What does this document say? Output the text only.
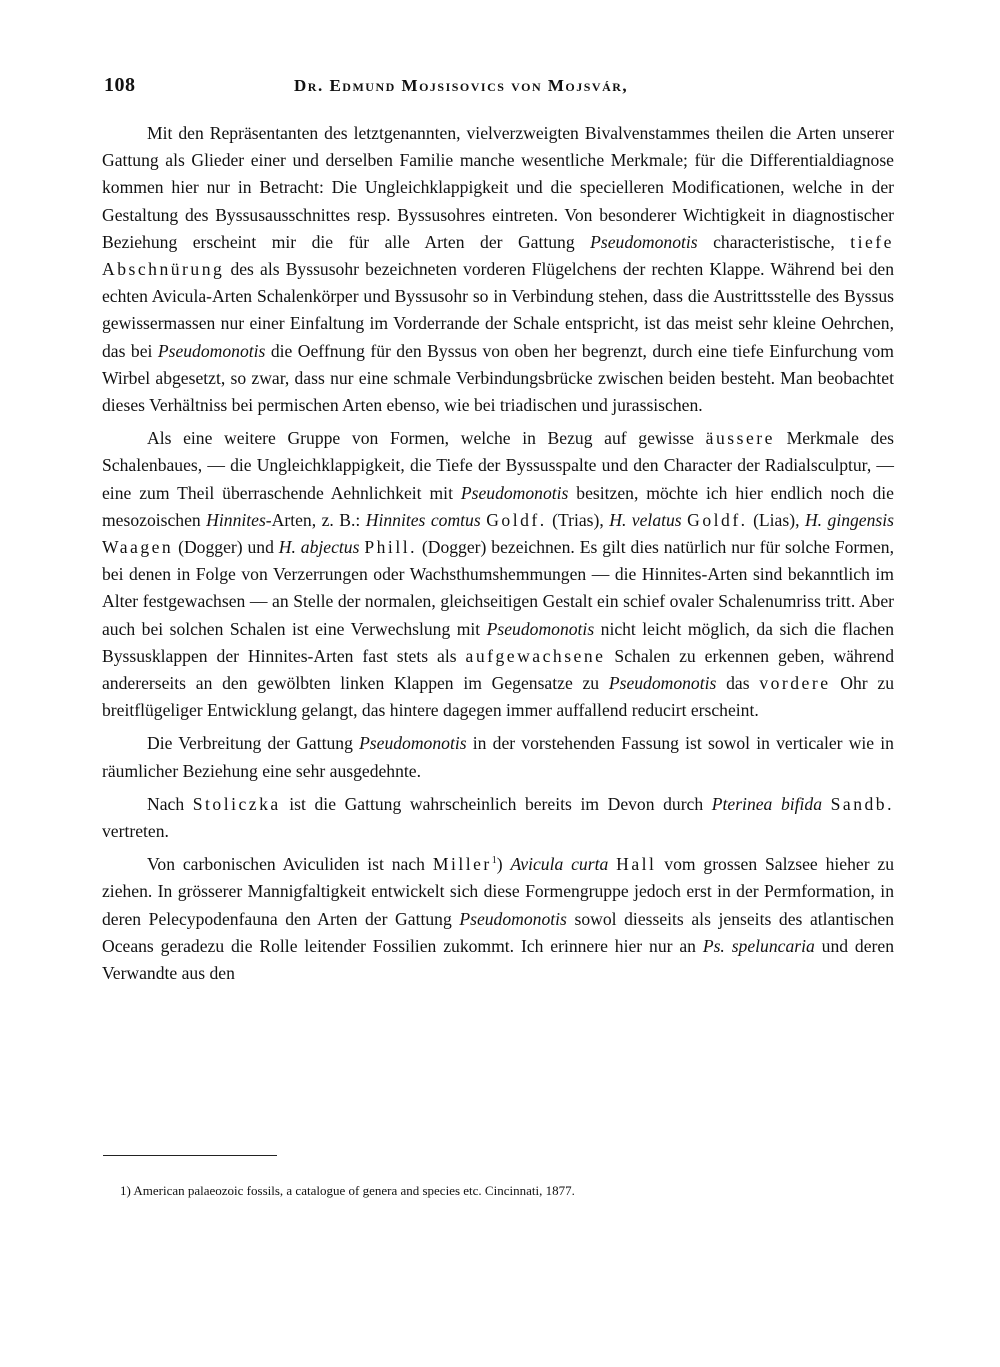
108	Dr. Edmund Mojsisovics von Mojsvár,

Mit den Repräsentanten des letztgenannten, vielverzweigten Bivalvenstammes theilen die Arten unserer Gattung als Glieder einer und derselben Familie manche wesentliche Merkmale; für die Differentialdiagnose kommen hier nur in Betracht: Die Ungleichklappigkeit und die specielleren Modificationen, welche in der Gestaltung des Byssusausschnittes resp. Byssusohres eintreten. Von besonderer Wichtigkeit in diagnostischer Beziehung erscheint mir die für alle Arten der Gattung Pseudomonotis characteristische, tiefe Abschnürung des als Byssusohr bezeichneten vorderen Flügelchens der rechten Klappe. Während bei den echten Avicula-Arten Schalenkörper und Byssusohr so in Verbindung stehen, dass die Austrittsstelle des Byssus gewissermassen nur einer Einfaltung im Vorderrande der Schale entspricht, ist das meist sehr kleine Oehrchen, das bei Pseudomonotis die Oeffnung für den Byssus von oben her begrenzt, durch eine tiefe Einfurchung vom Wirbel abgesetzt, so zwar, dass nur eine schmale Verbindungsbrücke zwischen beiden besteht. Man beobachtet dieses Verhältniss bei permischen Arten ebenso, wie bei triadischen und jurassischen.

Als eine weitere Gruppe von Formen, welche in Bezug auf gewisse äussere Merkmale des Schalenbaues, — die Ungleichklappigkeit, die Tiefe der Byssusspalte und den Character der Radialsculptur, — eine zum Theil überraschende Aehnlichkeit mit Pseudomonotis besitzen, möchte ich hier endlich noch die mesozoischen Hinnites-Arten, z. B.: Hinnites comtus Goldf. (Trias), H. velatus Goldf. (Lias), H. gingensis Waagen (Dogger) und H. abjectus Phill. (Dogger) bezeichnen. Es gilt dies natürlich nur für solche Formen, bei denen in Folge von Verzerrungen oder Wachsthumshemmungen — die Hinnites-Arten sind bekanntlich im Alter festgewachsen — an Stelle der normalen, gleichseitigen Gestalt ein schief ovaler Schalenumriss tritt. Aber auch bei solchen Schalen ist eine Verwechslung mit Pseudomonotis nicht leicht möglich, da sich die flachen Byssusklappen der Hinnites-Arten fast stets als aufgewachsene Schalen zu erkennen geben, während andererseits an den gewölbten linken Klappen im Gegensatze zu Pseudomonotis das vordere Ohr zu breitflügeliger Entwicklung gelangt, das hintere dagegen immer auffallend reducirt erscheint.

Die Verbreitung der Gattung Pseudomonotis in der vorstehenden Fassung ist sowol in verticaler wie in räumlicher Beziehung eine sehr ausgedehnte.

Nach Stoliczka ist die Gattung wahrscheinlich bereits im Devon durch Pterinea bifida Sandb. vertreten.

Von carbonischen Aviculiden ist nach Miller$^1$) Avicula curta Hall vom grossen Salzsee hieher zu ziehen. In grösserer Mannigfaltigkeit entwickelt sich diese Formengruppe jedoch erst in der Permformation, in deren Pelecypodenfauna den Arten der Gattung Pseudomonotis sowol diesseits als jenseits des atlantischen Oceans geradezu die Rolle leitender Fossilien zukommt. Ich erinnere hier nur an Ps. speluncaria und deren Verwandte aus den

1) American palaeozoic fossils, a catalogue of genera and species etc. Cincinnati, 1877.
